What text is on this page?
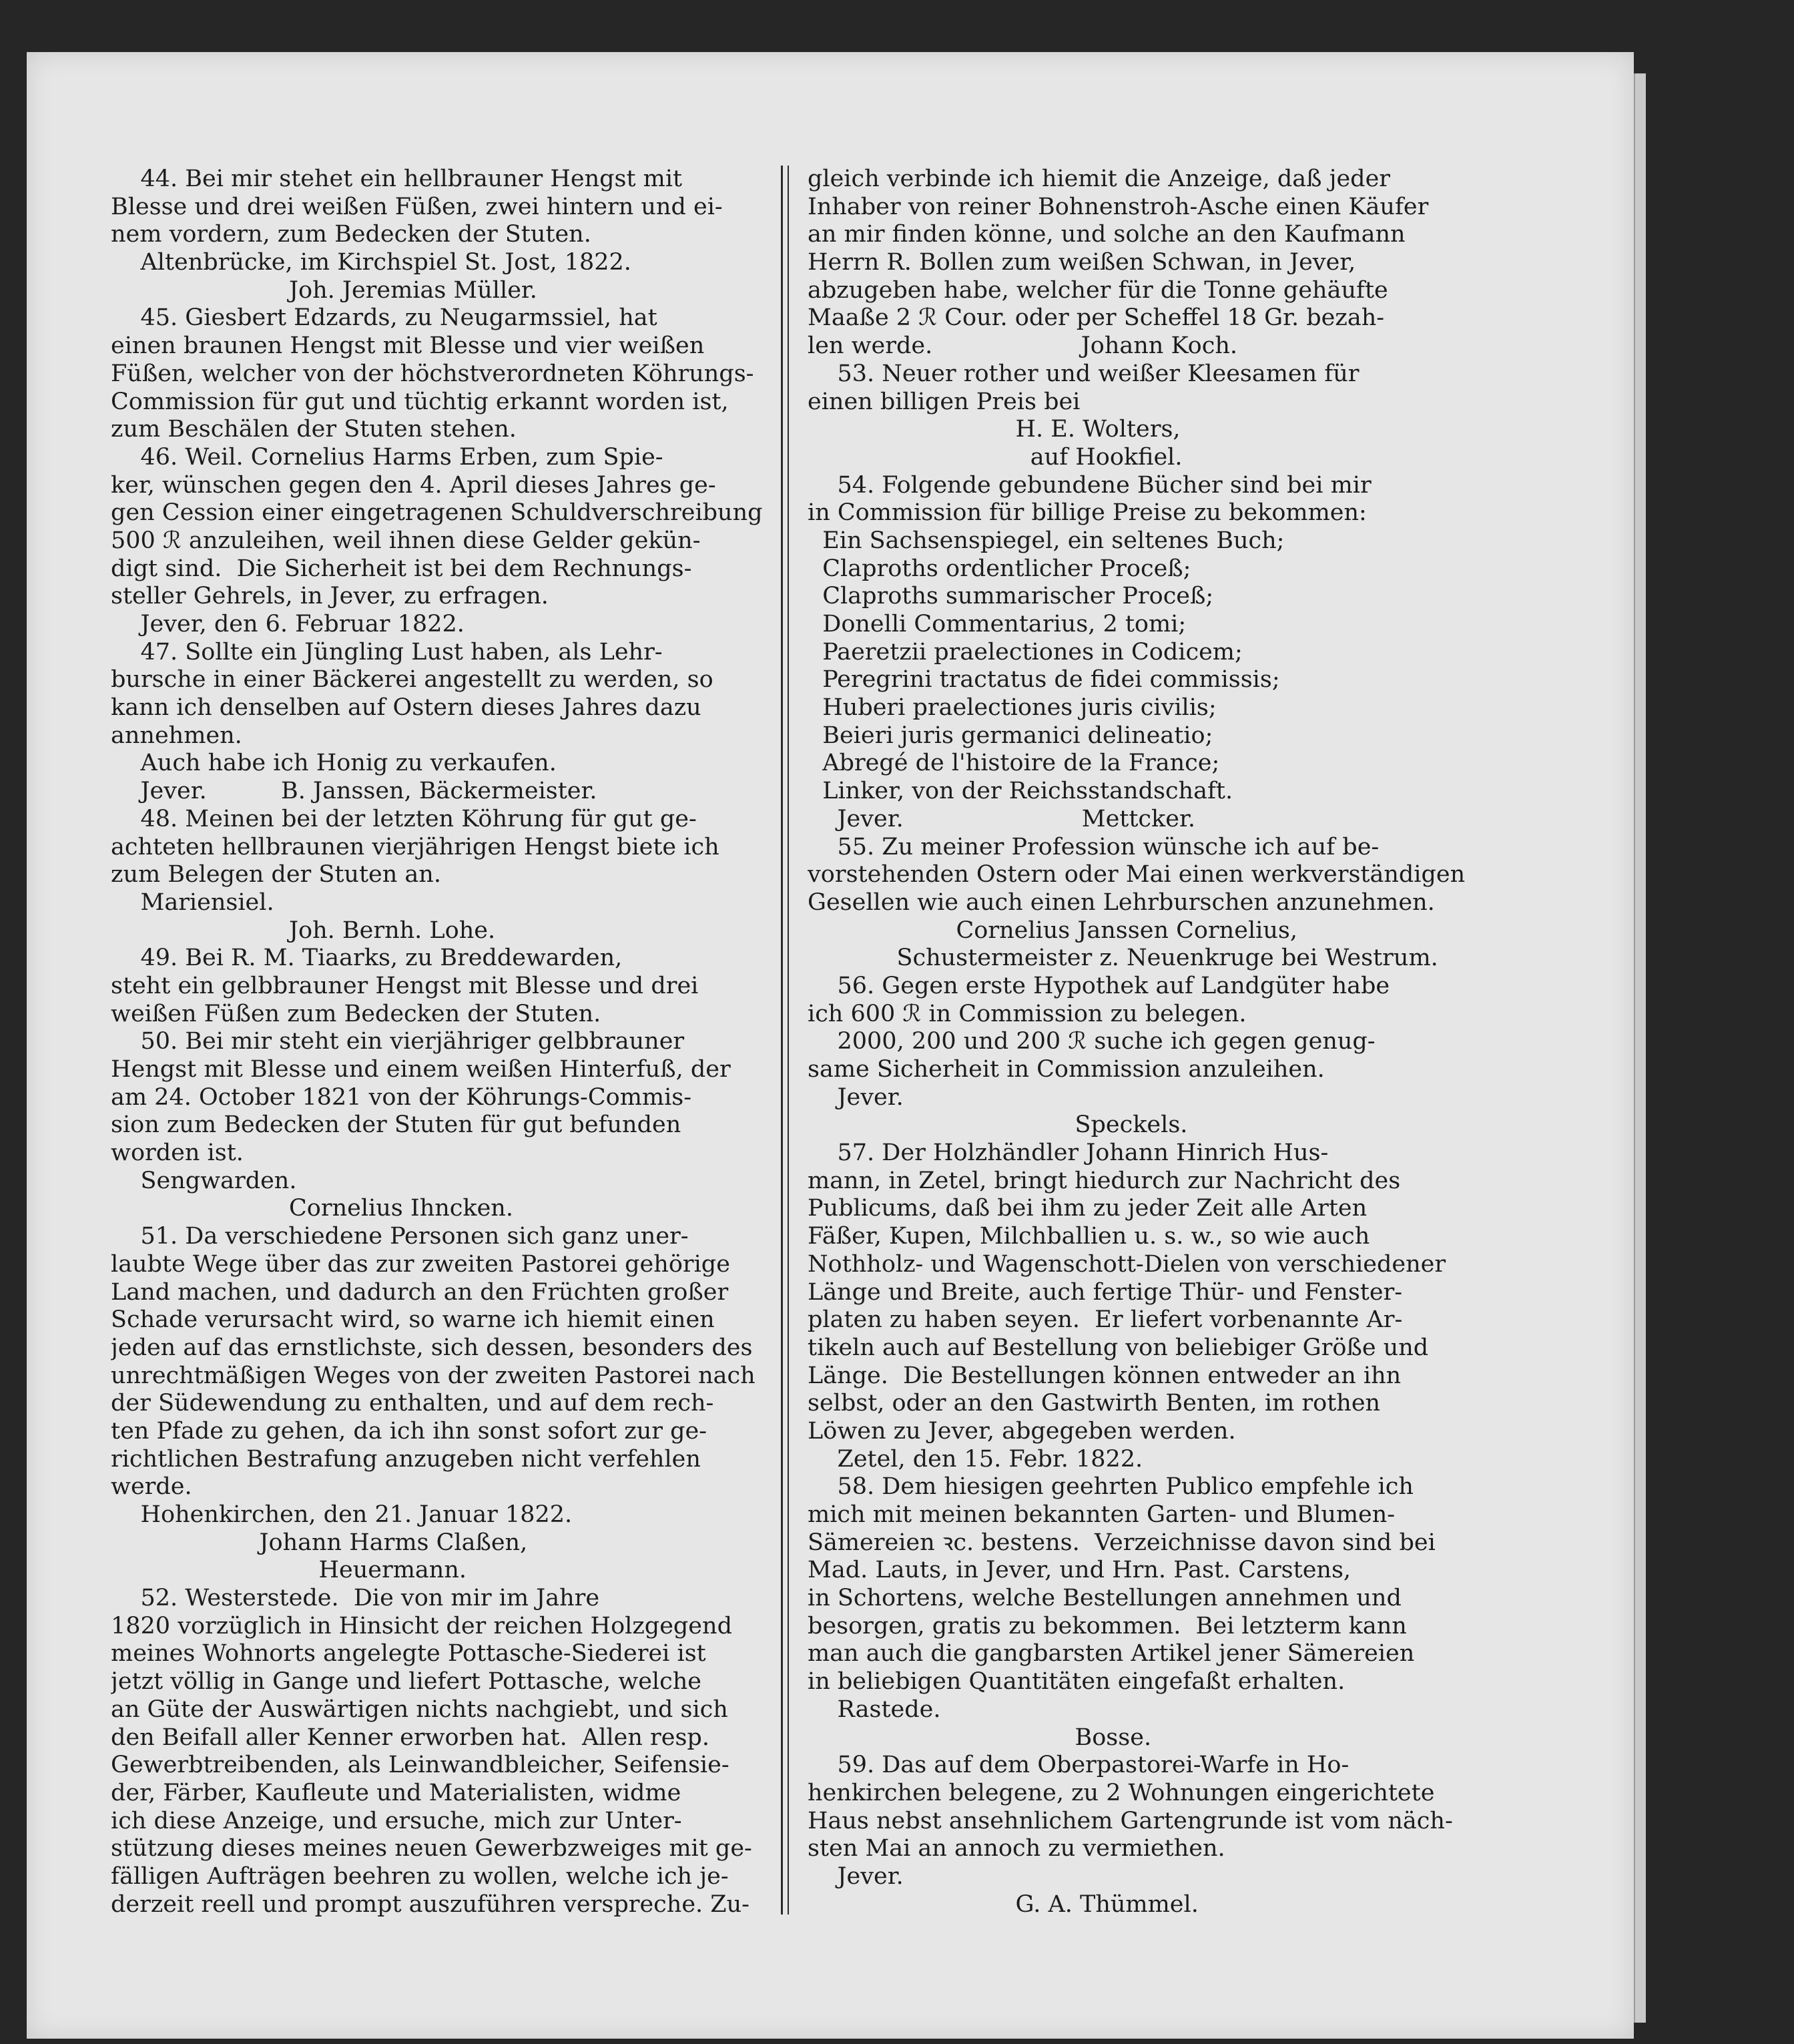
44. Bei mir stehet ein hellbrauner Hengst mit
Blesse und drei weißen Füßen, zwei hintern und ei-
nem vordern, zum Bedecken der Stuten.
Altenbrücke, im Kirchspiel St. Jost, 1822.
Joh. Jeremias Müller.
45. Giesbert Edzards, zu Neugarmssiel, hat
einen braunen Hengst mit Blesse und vier weißen
Füßen, welcher von der höchstverordneten Köhrungs-
Commission für gut und tüchtig erkannt worden ist,
zum Beschälen der Stuten stehen.
46. Weil. Cornelius Harms Erben, zum Spie-
ker, wünschen gegen den 4. April dieses Jahres ge-
gen Cession einer eingetragenen Schuldverschreibung
500 ℛ anzuleihen, weil ihnen diese Gelder gekün-
digt sind.  Die Sicherheit ist bei dem Rechnungs-
steller Gehrels, in Jever, zu erfragen.
Jever, den 6. Februar 1822.
47. Sollte ein Jüngling Lust haben, als Lehr-
bursche in einer Bäckerei angestellt zu werden, so
kann ich denselben auf Ostern dieses Jahres dazu
annehmen.
Auch habe ich Honig zu verkaufen.
Jever.          B. Janssen, Bäckermeister.
48. Meinen bei der letzten Köhrung für gut ge-
achteten hellbraunen vierjährigen Hengst biete ich
zum Belegen der Stuten an.
Mariensiel.
Joh. Bernh. Lohe.
49. Bei R. M. Tiaarks, zu Breddewarden,
steht ein gelbbrauner Hengst mit Blesse und drei
weißen Füßen zum Bedecken der Stuten.
50. Bei mir steht ein vierjähriger gelbbrauner
Hengst mit Blesse und einem weißen Hinterfuß, der
am 24. October 1821 von der Köhrungs-Commis-
sion zum Bedecken der Stuten für gut befunden
worden ist.
Sengwarden.
Cornelius Ihncken.
51. Da verschiedene Personen sich ganz uner-
laubte Wege über das zur zweiten Pastorei gehörige
Land machen, und dadurch an den Früchten großer
Schade verursacht wird, so warne ich hiemit einen
jeden auf das ernstlichste, sich dessen, besonders des
unrechtmäßigen Weges von der zweiten Pastorei nach
der Südewendung zu enthalten, und auf dem rech-
ten Pfade zu gehen, da ich ihn sonst sofort zur ge-
richtlichen Bestrafung anzugeben nicht verfehlen
werde.
Hohenkirchen, den 21. Januar 1822.
Johann Harms Claßen,
Heuermann.
52. Westerstede.  Die von mir im Jahre
1820 vorzüglich in Hinsicht der reichen Holzgegend
meines Wohnorts angelegte Pottasche-Siederei ist
jetzt völlig in Gange und liefert Pottasche, welche
an Güte der Auswärtigen nichts nachgiebt, und sich
den Beifall aller Kenner erworben hat.  Allen resp.
Gewerbtreibenden, als Leinwandbleicher, Seifensie-
der, Färber, Kaufleute und Materialisten, widme
ich diese Anzeige, und ersuche, mich zur Unter-
stützung dieses meines neuen Gewerbzweiges mit ge-
fälligen Aufträgen beehren zu wollen, welche ich je-
derzeit reell und prompt auszuführen verspreche. Zu-
gleich verbinde ich hiemit die Anzeige, daß jeder
Inhaber von reiner Bohnenstroh-Asche einen Käufer
an mir finden könne, und solche an den Kaufmann
Herrn R. Bollen zum weißen Schwan, in Jever,
abzugeben habe, welcher für die Tonne gehäufte
Maaße 2 ℛ Cour. oder per Scheffel 18 Gr. bezah-
len werde.                    Johann Koch.
53. Neuer rother und weißer Kleesamen für
einen billigen Preis bei
H. E. Wolters,
auf Hookfiel.
54. Folgende gebundene Bücher sind bei mir
in Commission für billige Preise zu bekommen:
Ein Sachsenspiegel, ein seltenes Buch;
Claproths ordentlicher Proceß;
Claproths summarischer Proceß;
Donelli Commentarius, 2 tomi;
Paeretzii praelectiones in Codicem;
Peregrini tractatus de fidei commissis;
Huberi praelectiones juris civilis;
Beieri juris germanici delineatio;
Abregé de l'histoire de la France;
Linker, von der Reichsstandschaft.
Jever.                        Mettcker.
55. Zu meiner Profession wünsche ich auf be-
vorstehenden Ostern oder Mai einen werkverständigen
Gesellen wie auch einen Lehrburschen anzunehmen.
Cornelius Janssen Cornelius,
Schustermeister z. Neuenkruge bei Westrum.
56. Gegen erste Hypothek auf Landgüter habe
ich 600 ℛ in Commission zu belegen.
2000, 200 und 200 ℛ suche ich gegen genug-
same Sicherheit in Commission anzuleihen.
Jever.
Speckels.
57. Der Holzhändler Johann Hinrich Hus-
mann, in Zetel, bringt hiedurch zur Nachricht des
Publicums, daß bei ihm zu jeder Zeit alle Arten
Fäßer, Kupen, Milchballien u. s. w., so wie auch
Nothholz- und Wagenschott-Dielen von verschiedener
Länge und Breite, auch fertige Thür- und Fenster-
platen zu haben seyen.  Er liefert vorbenannte Ar-
tikeln auch auf Bestellung von beliebiger Größe und
Länge.  Die Bestellungen können entweder an ihn
selbst, oder an den Gastwirth Benten, im rothen
Löwen zu Jever, abgegeben werden.
Zetel, den 15. Febr. 1822.
58. Dem hiesigen geehrten Publico empfehle ich
mich mit meinen bekannten Garten- und Blumen-
Sämereien ꝛc. bestens.  Verzeichnisse davon sind bei
Mad. Lauts, in Jever, und Hrn. Past. Carstens,
in Schortens, welche Bestellungen annehmen und
besorgen, gratis zu bekommen.  Bei letzterm kann
man auch die gangbarsten Artikel jener Sämereien
in beliebigen Quantitäten eingefaßt erhalten.
Rastede.
Bosse.
59. Das auf dem Oberpastorei-Warfe in Ho-
henkirchen belegene, zu 2 Wohnungen eingerichtete
Haus nebst ansehnlichem Gartengrunde ist vom näch-
sten Mai an annoch zu vermiethen.
Jever.
G. A. Thümmel.
